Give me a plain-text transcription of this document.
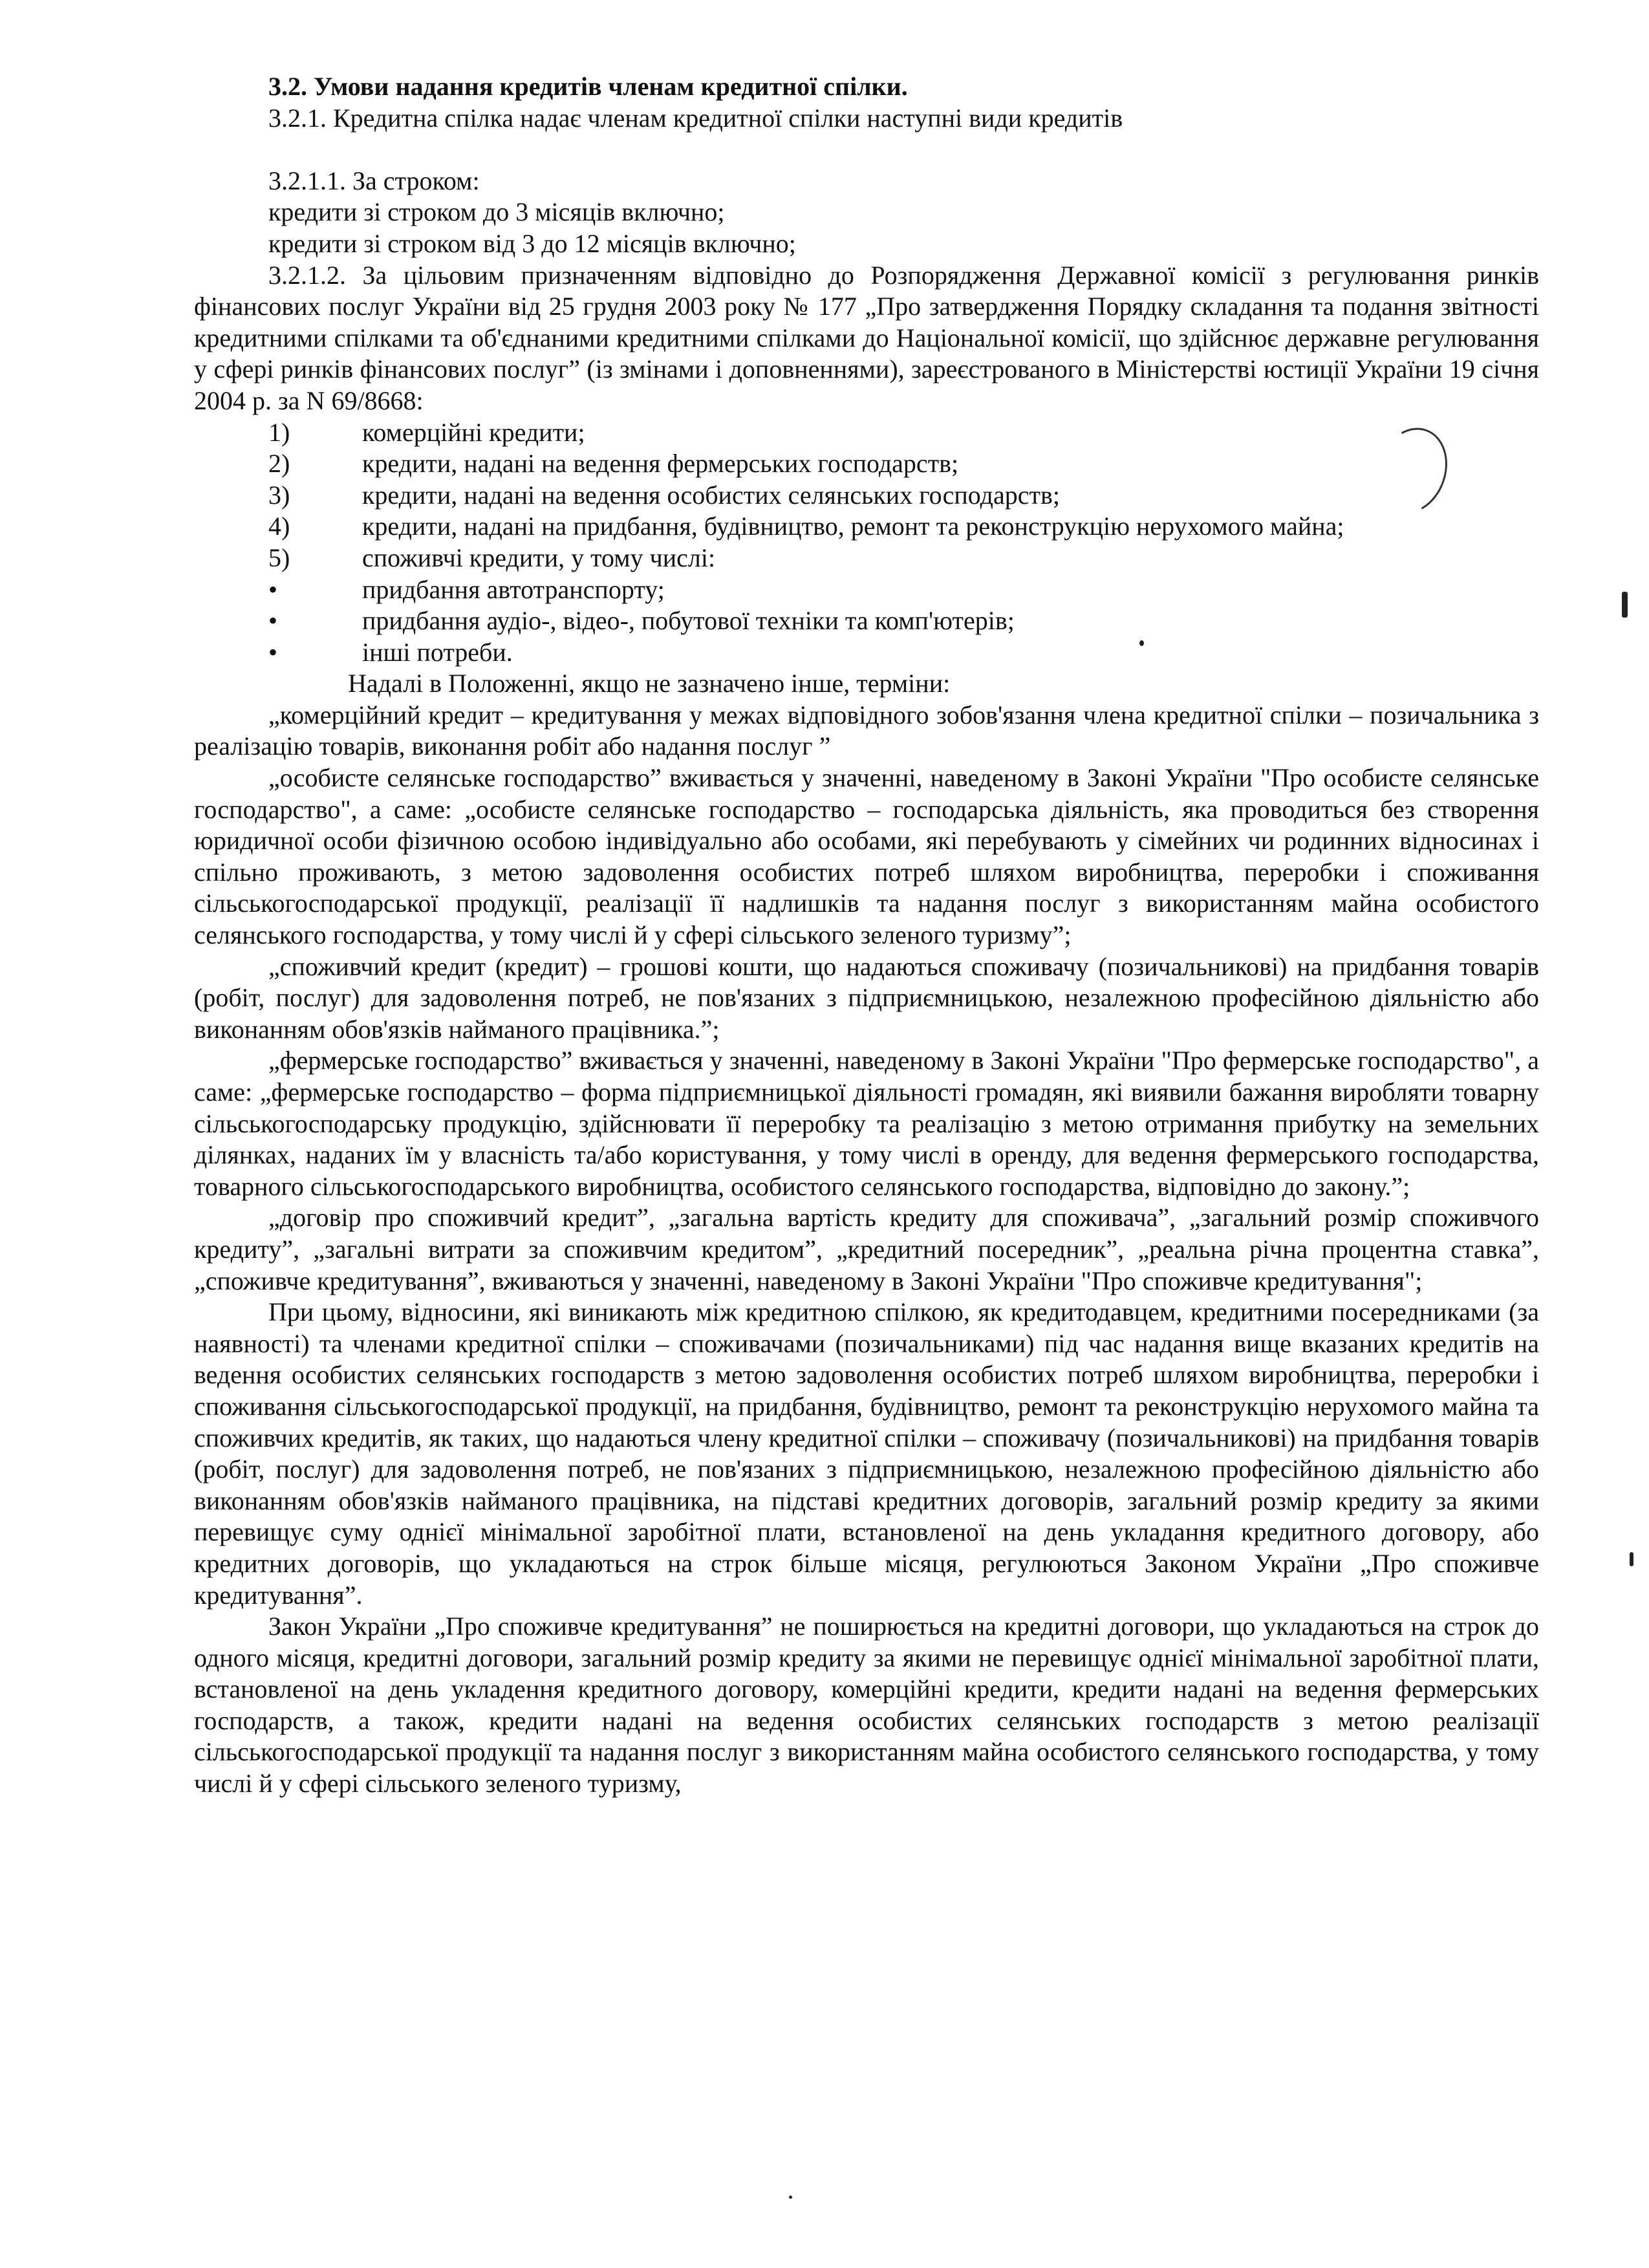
3.2. Умови надання кредитів членам кредитної спілки.

3.2.1. Кредитна спілка надає членам кредитної спілки наступні види кредитів

3.2.1.1. За строком:

кредити зі строком до 3 місяців включно;

кредити зі строком від 3 до 12 місяців включно;

3.2.1.2. За цільовим призначенням відповідно до Розпорядження Державної комісії з регулювання ринків фінансових послуг України від 25 грудня 2003 року № 177 „Про затвердження Порядку складання та подання звітності кредитними спілками та об'єднаними кредитними спілками до Національної комісії, що здійснює державне регулювання у сфері ринків фінансових послуг” (із змінами і доповненнями), зареєстрованого в Міністерстві юстиції України 19 січня 2004 р. за N 69/8668:

1)	комерційні кредити;
2)	кредити, надані на ведення фермерських господарств;
3)	кредити, надані на ведення особистих селянських господарств;
4)	кредити, надані на придбання, будівництво, ремонт та реконструкцію нерухомого майна;
5)	споживчі кредити, у тому числі:
•
придбання автотранспорту;
•
придбання аудіо-, відео-, побутової техніки та комп'ютерів;
•
інші потреби.

Надалі в Положенні, якщо не зазначено інше, терміни:

„комерційний кредит – кредитування у межах відповідного зобов'язання члена кредитної спілки – позичальника з реалізацію товарів, виконання робіт або надання послуг ”

„особисте селянське господарство” вживається у значенні, наведеному в Законі України "Про особисте селянське господарство", а саме: „особисте селянське господарство – господарська діяльність, яка проводиться без створення юридичної особи фізичною особою індивідуально або особами, які перебувають у сімейних чи родинних відносинах і спільно проживають, з метою задоволення особистих потреб шляхом виробництва, переробки і споживання сільськогосподарської продукції, реалізації її надлишків та надання послуг з використанням майна особистого селянського господарства, у тому числі й у сфері сільського зеленого туризму”;

„споживчий кредит (кредит) – грошові кошти, що надаються споживачу (позичальникові) на придбання товарів (робіт, послуг) для задоволення потреб, не пов'язаних з підприємницькою, незалежною професійною діяльністю або виконанням обов'язків найманого працівника.”;

„фермерське господарство” вживається у значенні, наведеному в Законі України "Про фермерське господарство", а саме: „фермерське господарство – форма підприємницької діяльності громадян, які виявили бажання виробляти товарну сільськогосподарську продукцію, здійснювати її переробку та реалізацію з метою отримання прибутку на земельних ділянках, наданих їм у власність та/або користування, у тому числі в оренду, для ведення фермерського господарства, товарного сільськогосподарського виробництва, особистого селянського господарства, відповідно до закону.”;

„договір про споживчий кредит”, „загальна вартість кредиту для споживача”, „загальний розмір споживчого кредиту”, „загальні витрати за споживчим кредитом”, „кредитний посередник”, „реальна річна процентна ставка”, „споживче кредитування”, вживаються у значенні, наведеному в Законі України "Про споживче кредитування";

При цьому, відносини, які виникають між кредитною спілкою, як кредитодавцем, кредитними посередниками (за наявності) та членами кредитної спілки – споживачами (позичальниками) під час надання вище вказаних кредитів на ведення особистих селянських господарств з метою задоволення особистих потреб шляхом виробництва, переробки і споживання сільськогосподарської продукції, на придбання, будівництво, ремонт та реконструкцію нерухомого майна та споживчих кредитів, як таких, що надаються члену кредитної спілки – споживачу (позичальникові) на придбання товарів (робіт, послуг) для задоволення потреб, не пов'язаних з підприємницькою, незалежною професійною діяльністю або виконанням обов'язків найманого працівника, на підставі кредитних договорів, загальний розмір кредиту за якими перевищує суму однієї мінімальної заробітної плати, встановленої на день укладання кредитного договору, або кредитних договорів, що укладаються на строк більше місяця, регулюються Законом України „Про споживче кредитування”.

Закон України „Про споживче кредитування” не поширюється на кредитні договори, що укладаються на строк до одного місяця, кредитні договори, загальний розмір кредиту за якими не перевищує однієї мінімальної заробітної плати, встановленої на день укладення кредитного договору, комерційні кредити, кредити надані на ведення фермерських господарств, а також, кредити надані на ведення особистих селянських господарств з метою реалізації сільськогосподарської продукції та надання послуг з використанням майна особистого селянського господарства, у тому числі й у сфері сільського зеленого туризму,
